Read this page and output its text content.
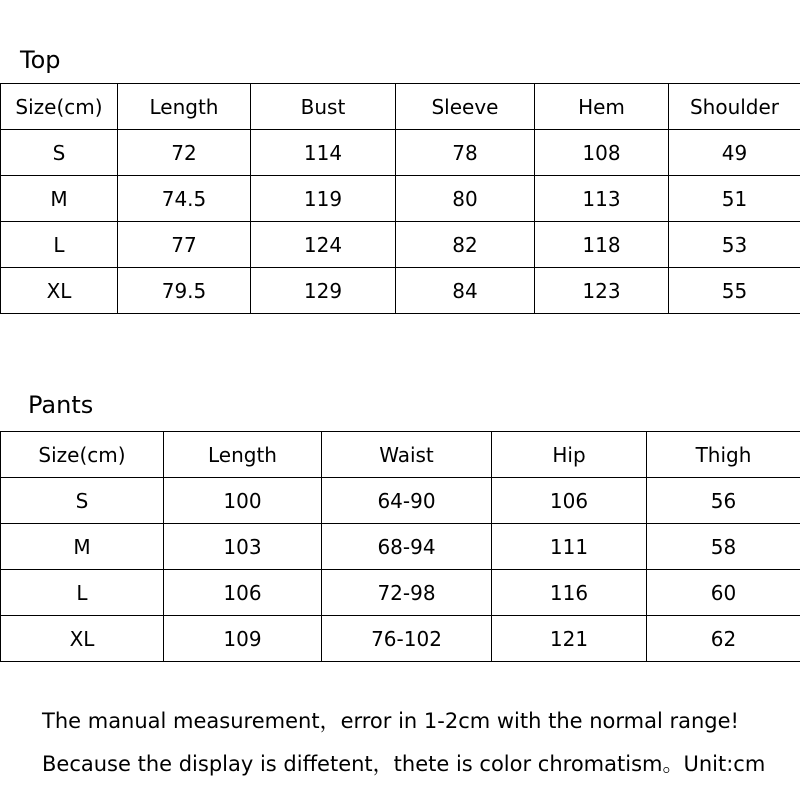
Top
Size(cm)	Length	Bust	Sleeve	Hem	Shoulder
S	72	114	78	108	49
M	74.5	119	80	113	51
L	77	124	82	118	53
XL	79.5	129	84	123	55
Pants
Size(cm)	Length	Waist	Hip	Thigh
S	100	64-90	106	56
M	103	68-94	111	58
L	106	72-98	116	60
XL	109	76-102	121	62
The manual measurement，error in 1-2cm with the normal range!
Because the display is diffetent，thete is color chromatism。Unit:cm
